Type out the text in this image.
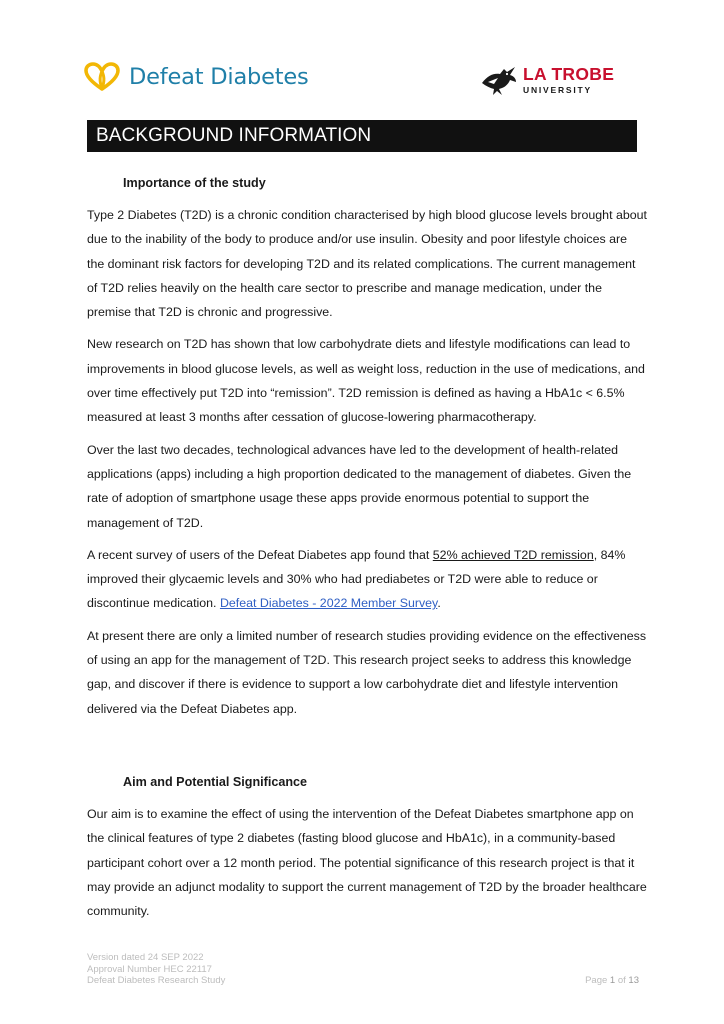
Defeat Diabetes	LA TROBE
UNIVERSITY
BACKGROUND INFORMATION
Importance of the study

Type 2 Diabetes (T2D) is a chronic condition characterised by high blood glucose levels brought about due to the inability of the body to produce and/or use insulin. Obesity and poor lifestyle choices are the dominant risk factors for developing T2D and its related complications. The current management of T2D relies heavily on the health care sector to prescribe and manage medication, under the premise that T2D is chronic and progressive.

New research on T2D has shown that low carbohydrate diets and lifestyle modifications can lead to improvements in blood glucose levels, as well as weight loss, reduction in the use of medications, and over time effectively put T2D into “remission”. T2D remission is defined as having a HbA1c < 6.5% measured at least 3 months after cessation of glucose-lowering pharmacotherapy.

Over the last two decades, technological advances have led to the development of health-related applications (apps) including a high proportion dedicated to the management of diabetes. Given the rate of adoption of smartphone usage these apps provide enormous potential to support the management of T2D.

A recent survey of users of the Defeat Diabetes app found that 52% achieved T2D remission, 84% improved their glycaemic levels and 30% who had prediabetes or T2D were able to reduce or discontinue medication. Defeat Diabetes - 2022 Member Survey.

At present there are only a limited number of research studies providing evidence on the effectiveness of using an app for the management of T2D. This research project seeks to address this knowledge gap, and discover if there is evidence to support a low carbohydrate diet and lifestyle intervention delivered via the Defeat Diabetes app.

Aim and Potential Significance

Our aim is to examine the effect of using the intervention of the Defeat Diabetes smartphone app on the clinical features of type 2 diabetes (fasting blood glucose and HbA1c), in a community-based participant cohort over a 12 month period. The potential significance of this research project is that it may provide an adjunct modality to support the current management of T2D by the broader healthcare community.

Version dated 24 SEP 2022
Approval Number HEC 22117
Defeat Diabetes Research Study	Page 1 of 13
